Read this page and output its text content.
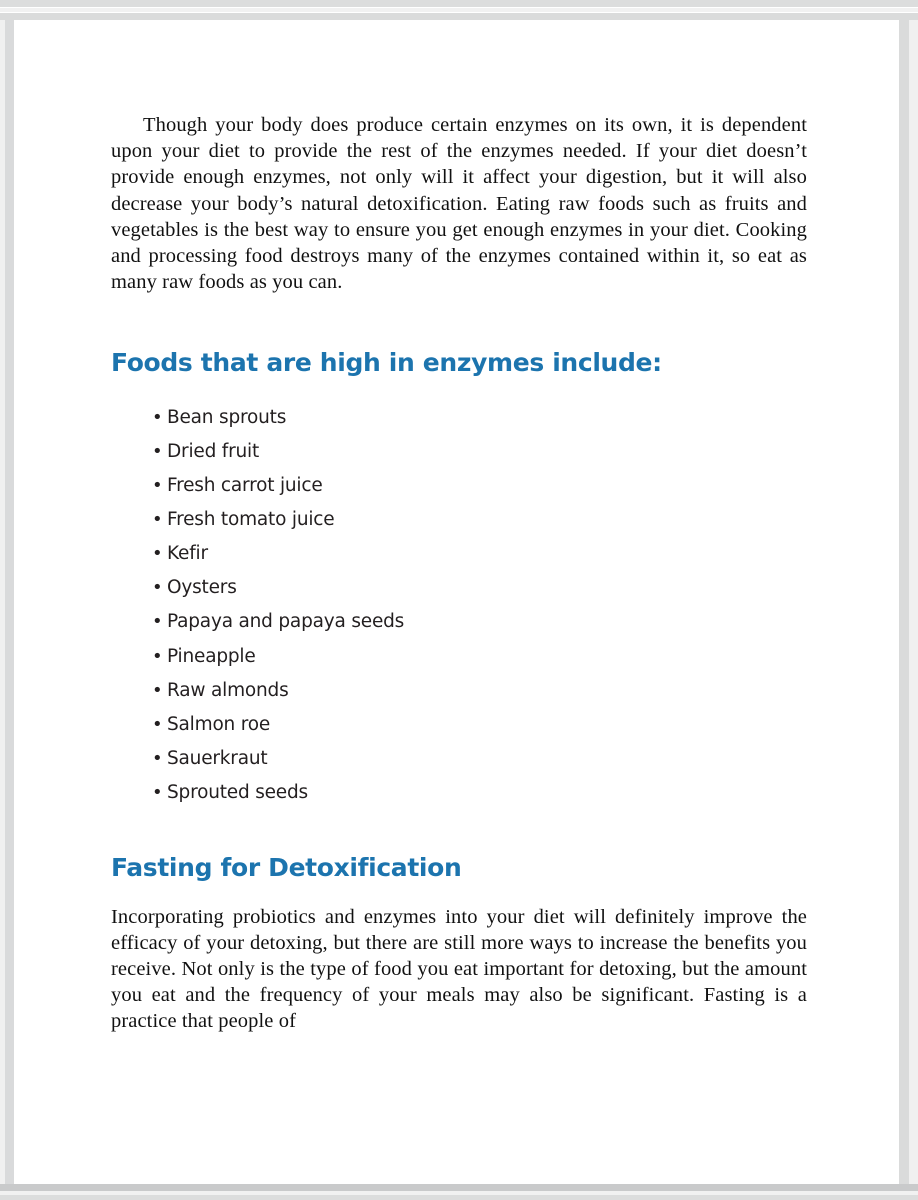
Though your body does produce certain enzymes on its own, it is dependent upon your diet to provide the rest of the enzymes needed. If your diet doesn’t provide enough enzymes, not only will it affect your digestion, but it will also decrease your body’s natural detoxification. Eating raw foods such as fruits and vegetables is the best way to ensure you get enough enzymes in your diet. Cooking and processing food destroys many of the enzymes contained within it, so eat as many raw foods as you can.

Foods that are high in enzymes include:
• Bean sprouts
• Dried fruit
• Fresh carrot juice
• Fresh tomato juice
• Kefir
• Oysters
• Papaya and papaya seeds
• Pineapple
• Raw almonds
• Salmon roe
• Sauerkraut
• Sprouted seeds
Fasting for Detoxification

Incorporating probiotics and enzymes into your diet will definitely improve the efficacy of your detoxing, but there are still more ways to increase the benefits you receive. Not only is the type of food you eat important for detoxing, but the amount you eat and the frequency of your meals may also be significant. Fasting is a practice that people of
